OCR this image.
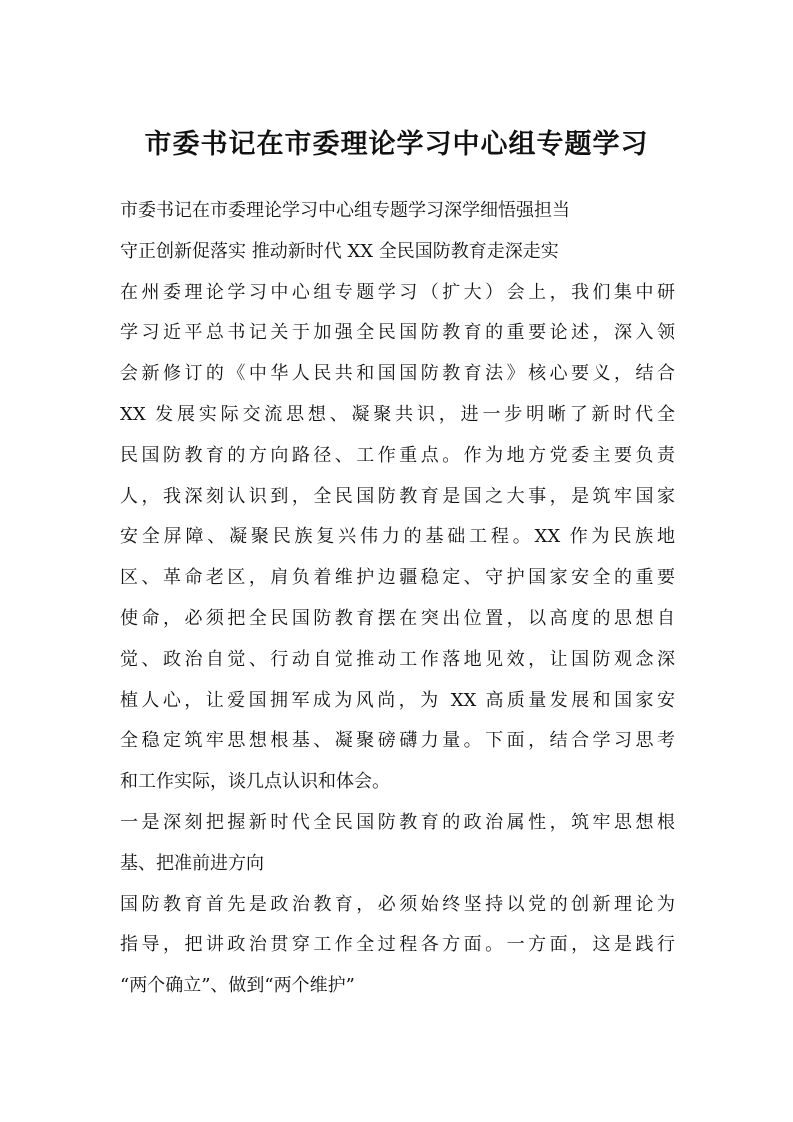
市委书记在市委理论学习中心组专题学习
市委书记在市委理论学习中心组专题学习深学细悟强担当
守正创新促落实 推动新时代 XX 全民国防教育走深走实
在州委理论学习中心组专题学习（扩大）会上，我们集中研
学习近平总书记关于加强全民国防教育的重要论述，深入领
会新修订的《中华人民共和国国防教育法》核心要义，结合
XX 发展实际交流思想、凝聚共识，进一步明晰了新时代全
民国防教育的方向路径、工作重点。作为地方党委主要负责
人，我深刻认识到，全民国防教育是国之大事，是筑牢国家
安全屏障、凝聚民族复兴伟力的基础工程。XX 作为民族地
区、革命老区，肩负着维护边疆稳定、守护国家安全的重要
使命，必须把全民国防教育摆在突出位置，以高度的思想自
觉、政治自觉、行动自觉推动工作落地见效，让国防观念深
植人心，让爱国拥军成为风尚，为 XX 高质量发展和国家安
全稳定筑牢思想根基、凝聚磅礴力量。下面，结合学习思考
和工作实际，谈几点认识和体会。
一是深刻把握新时代全民国防教育的政治属性，筑牢思想根
基、把准前进方向
国防教育首先是政治教育，必须始终坚持以党的创新理论为
指导，把讲政治贯穿工作全过程各方面。一方面，这是践行
“两个确立”、做到“两个维护”
